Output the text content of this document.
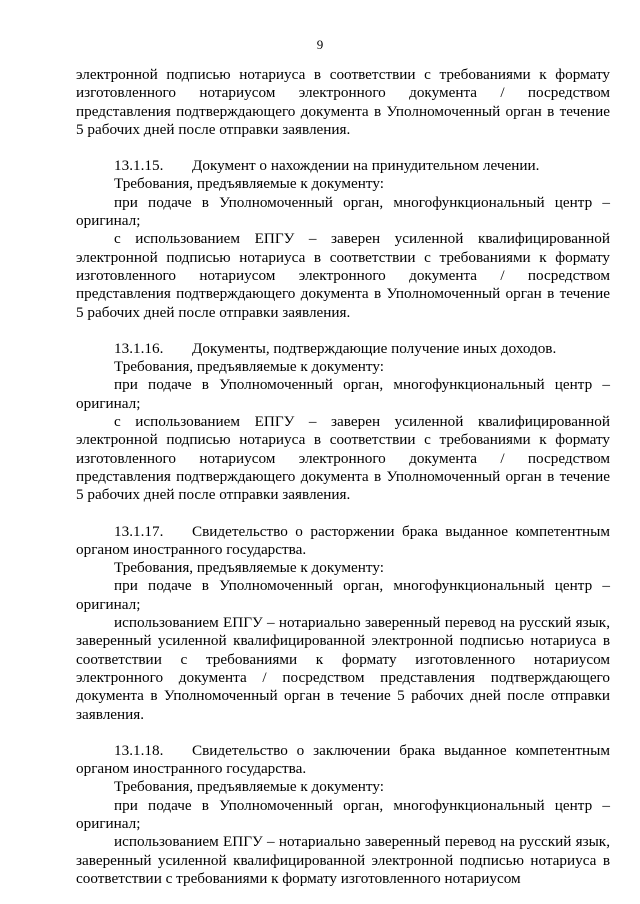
9

электронной подписью нотариуса в соответствии с требованиями к формату изготовленного нотариусом электронного документа / посредством представления подтверждающего документа в Уполномоченный орган в течение 5 рабочих дней после отправки заявления.

13.1.15. Документ о нахождении на принудительном лечении.

Требования, предъявляемые к документу:

при подаче в Уполномоченный орган, многофункциональный центр – оригинал;

с использованием ЕПГУ – заверен усиленной квалифицированной электронной подписью нотариуса в соответствии с требованиями к формату изготовленного нотариусом электронного документа / посредством представления подтверждающего документа в Уполномоченный орган в течение 5 рабочих дней после отправки заявления.

13.1.16. Документы, подтверждающие получение иных доходов.

Требования, предъявляемые к документу:

при подаче в Уполномоченный орган, многофункциональный центр – оригинал;

с использованием ЕПГУ – заверен усиленной квалифицированной электронной подписью нотариуса в соответствии с требованиями к формату изготовленного нотариусом электронного документа / посредством представления подтверждающего документа в Уполномоченный орган в течение 5 рабочих дней после отправки заявления.

13.1.17. Свидетельство о расторжении брака выданное компетентным органом иностранного государства.

Требования, предъявляемые к документу:

при подаче в Уполномоченный орган, многофункциональный центр – оригинал;

использованием ЕПГУ – нотариально заверенный перевод на русский язык, заверенный усиленной квалифицированной электронной подписью нотариуса в соответствии с требованиями к формату изготовленного нотариусом электронного документа / посредством представления подтверждающего документа в Уполномоченный орган в течение 5 рабочих дней после отправки заявления.

13.1.18. Свидетельство о заключении брака выданное компетентным органом иностранного государства.

Требования, предъявляемые к документу:

при подаче в Уполномоченный орган, многофункциональный центр – оригинал;

использованием ЕПГУ – нотариально заверенный перевод на русский язык, заверенный усиленной квалифицированной электронной подписью нотариуса в соответствии с требованиями к формату изготовленного нотариусом
